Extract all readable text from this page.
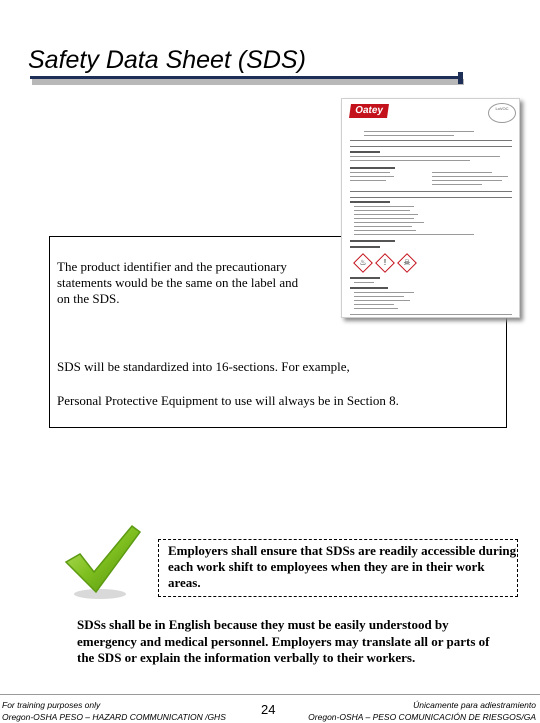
Safety Data Sheet (SDS)

The product identifier and the precautionary statements would be the same on the label and on the SDS.

SDS will be standardized into 16-sections. For example,

Personal Protective Equipment to use will always be in Section 8.

Oatey	LoVOC
♨	!	☠

Employers shall ensure that SDSs are readily accessible during each work shift to employees when they are in their work areas.

SDSs shall be in English because they must be easily understood by emergency and medical personnel. Employers may translate all or parts of the SDS or explain the information verbally to their workers.

For training purposes only
Oregon-OSHA PESO – HAZARD COMMUNICATION /GHS	24	Únicamente para adiestramiento
Oregon-OSHA – PESO COMUNICACIÓN DE RIESGOS/GA
